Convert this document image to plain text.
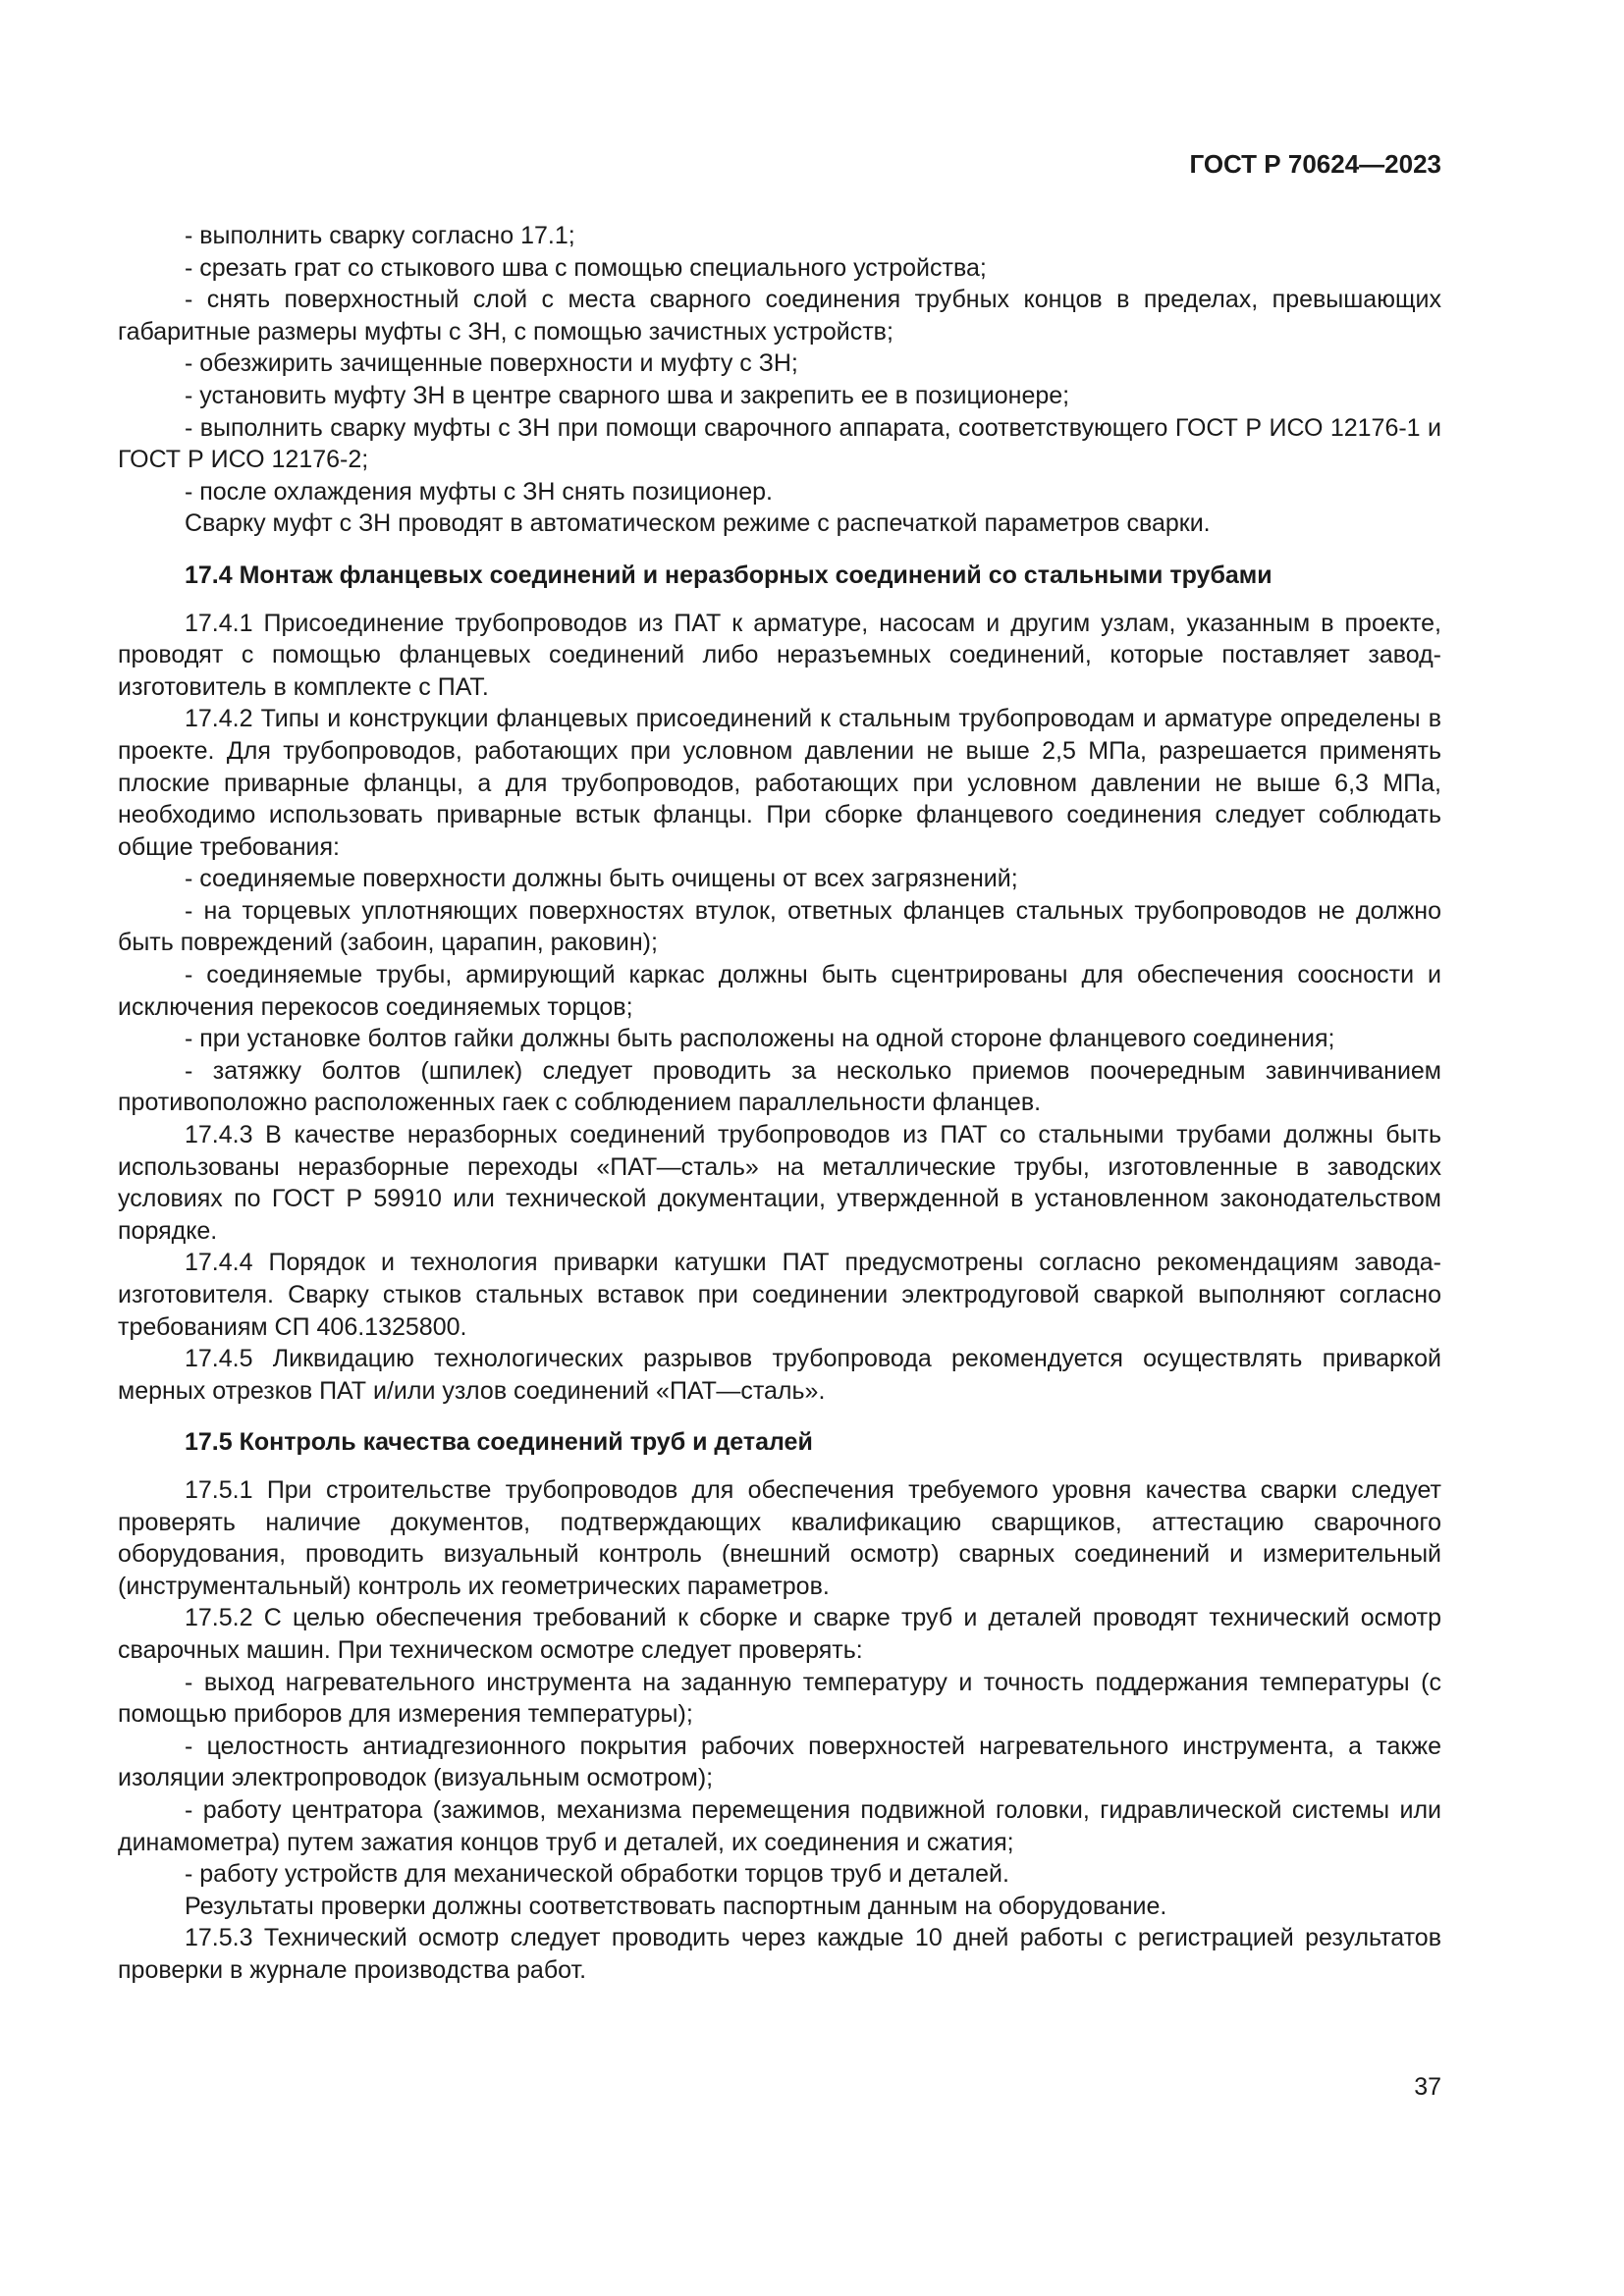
ГОСТ Р 70624—2023

- выполнить сварку согласно 17.1;

- срезать грат со стыкового шва с помощью специального устройства;

- снять поверхностный слой с места сварного соединения трубных концов в пределах, превышающих габаритные размеры муфты с ЗН, с помощью зачистных устройств;

- обезжирить зачищенные поверхности и муфту с ЗН;

- установить муфту ЗН в центре сварного шва и закрепить ее в позиционере;

- выполнить сварку муфты с ЗН при помощи сварочного аппарата, соответствующего ГОСТ Р ИСО 12176-1 и ГОСТ Р ИСО 12176-2;

- после охлаждения муфты с ЗН снять позиционер.

Сварку муфт с ЗН проводят в автоматическом режиме с распечаткой параметров сварки.

17.4 Монтаж фланцевых соединений и неразборных соединений со стальными трубами

17.4.1 Присоединение трубопроводов из ПАТ к арматуре, насосам и другим узлам, указанным в проекте, проводят с помощью фланцевых соединений либо неразъемных соединений, которые поставляет завод-изготовитель в комплекте с ПАТ.

17.4.2 Типы и конструкции фланцевых присоединений к стальным трубопроводам и арматуре определены в проекте. Для трубопроводов, работающих при условном давлении не выше 2,5 МПа, разрешается применять плоские приварные фланцы, а для трубопроводов, работающих при условном давлении не выше 6,3 МПа, необходимо использовать приварные встык фланцы. При сборке фланцевого соединения следует соблюдать общие требования:

- соединяемые поверхности должны быть очищены от всех загрязнений;

- на торцевых уплотняющих поверхностях втулок, ответных фланцев стальных трубопроводов не должно быть повреждений (забоин, царапин, раковин);

- соединяемые трубы, армирующий каркас должны быть сцентрированы для обеспечения соосности и исключения перекосов соединяемых торцов;

- при установке болтов гайки должны быть расположены на одной стороне фланцевого соединения;

- затяжку болтов (шпилек) следует проводить за несколько приемов поочередным завинчиванием противоположно расположенных гаек с соблюдением параллельности фланцев.

17.4.3 В качестве неразборных соединений трубопроводов из ПАТ со стальными трубами должны быть использованы неразборные переходы «ПАТ—сталь» на металлические трубы, изготовленные в заводских условиях по ГОСТ Р 59910 или технической документации, утвержденной в установленном законодательством порядке.

17.4.4 Порядок и технология приварки катушки ПАТ предусмотрены согласно рекомендациям завода-изготовителя. Сварку стыков стальных вставок при соединении электродуговой сваркой выполняют согласно требованиям СП 406.1325800.

17.4.5 Ликвидацию технологических разрывов трубопровода рекомендуется осуществлять приваркой мерных отрезков ПАТ и/или узлов соединений «ПАТ—сталь».

17.5 Контроль качества соединений труб и деталей

17.5.1 При строительстве трубопроводов для обеспечения требуемого уровня качества сварки следует проверять наличие документов, подтверждающих квалификацию сварщиков, аттестацию сварочного оборудования, проводить визуальный контроль (внешний осмотр) сварных соединений и измерительный (инструментальный) контроль их геометрических параметров.

17.5.2 С целью обеспечения требований к сборке и сварке труб и деталей проводят технический осмотр сварочных машин. При техническом осмотре следует проверять:

- выход нагревательного инструмента на заданную температуру и точность поддержания температуры (с помощью приборов для измерения температуры);

- целостность антиадгезионного покрытия рабочих поверхностей нагревательного инструмента, а также изоляции электропроводок (визуальным осмотром);

- работу центратора (зажимов, механизма перемещения подвижной головки, гидравлической системы или динамометра) путем зажатия концов труб и деталей, их соединения и сжатия;

- работу устройств для механической обработки торцов труб и деталей.

Результаты проверки должны соответствовать паспортным данным на оборудование.

17.5.3 Технический осмотр следует проводить через каждые 10 дней работы с регистрацией результатов проверки в журнале производства работ.

37
